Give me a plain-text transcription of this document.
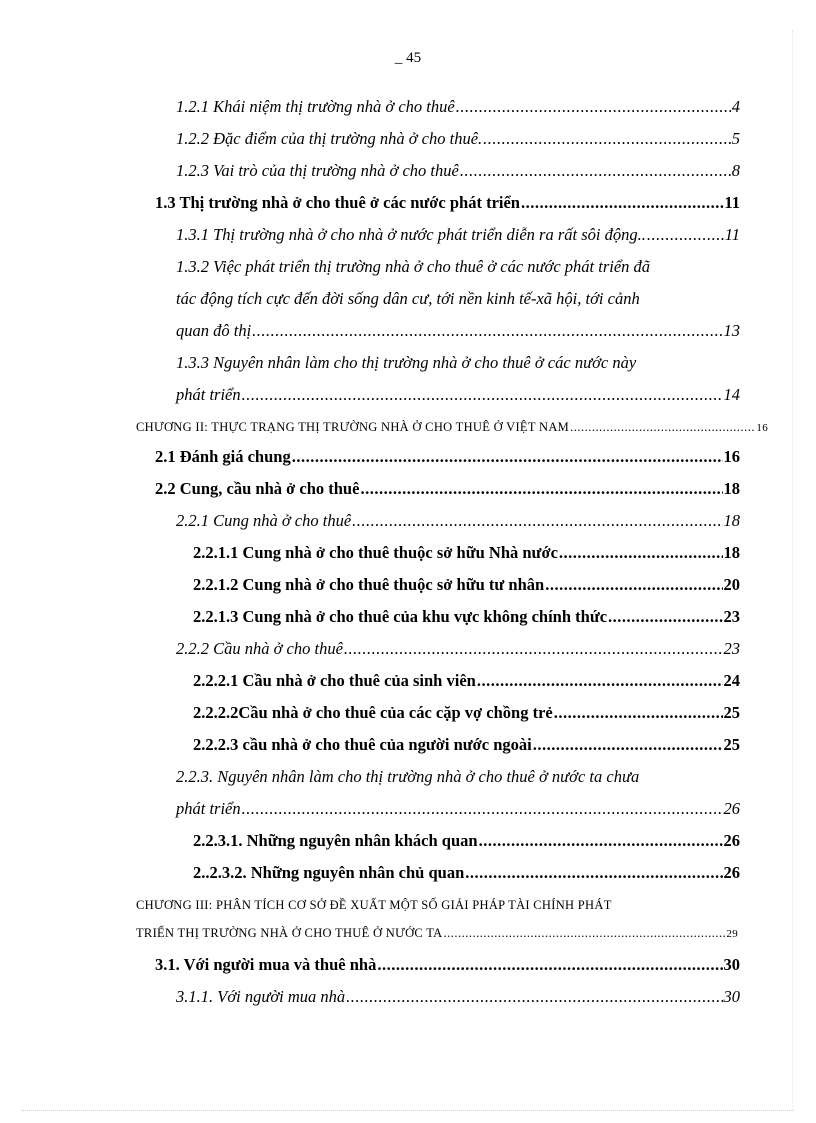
_ 45
1.2.1 Khái niệm thị trường nhà ở cho thuê .....	4
1.2.2 Đặc điểm của thị trường nhà ở cho thuê. .....	5
1.2.3 Vai trò của thị trường nhà ở cho thuê .....	8
1.3 Thị trường nhà ở cho thuê ở các nước phát triển .....	11
1.3.1 Thị trường nhà ở cho nhà ở nước phát triển diễn ra rất sôi động.. .....	11
1.3.2 Việc phát triển thị trường nhà ở cho thuê ở các nước phát triển đã
tác động tích cực đến đời sống dân cư, tới nền kinh tế-xã hội, tới cảnh
quan đô thị .....	13
1.3.3 Nguyên nhân làm cho thị trường nhà ở cho thuê ở các nước này
phát triển .....	14
CHƯƠNG II: THỰC TRẠNG THỊ TRƯỜNG NHÀ Ở CHO THUÊ Ở VIỆT NAM .....	16
2.1 Đánh giá chung .....	16
2.2 Cung, cầu nhà ở cho thuê .....	18
2.2.1 Cung nhà ở cho thuê .....	18
2.2.1.1 Cung nhà ở cho thuê thuộc sở hữu Nhà nước .....	18
2.2.1.2 Cung nhà ở cho thuê thuộc sở hữu tư nhân .....	20
2.2.1.3 Cung nhà ở cho thuê của khu vực không chính thức .....	23
2.2.2 Cầu nhà ở cho thuê .....	23
2.2.2.1 Cầu nhà ở cho thuê của sinh viên .....	24
2.2.2.2Cầu nhà ở cho thuê của các cặp vợ chồng trẻ .....	25
2.2.2.3 cầu nhà ở cho thuê của người nước ngoài .....	25
2.2.3. Nguyên nhân làm cho thị trường nhà ở cho thuê ở nước ta chưa
phát triển .....	26
2.2.3.1. Những nguyên nhân khách quan .....	26
2..2.3.2. Những nguyên nhân chủ quan .....	26
CHƯƠNG III: PHÂN TÍCH CƠ SỞ ĐỀ XUẤT MỘT SỐ GIẢI PHÁP TÀI CHÍNH PHÁT
TRIỂN THỊ TRƯỜNG NHÀ Ở CHO THUÊ Ở NƯỚC TA .....	29
3.1. Với người mua và thuê nhà .....	30
3.1.1. Với người mua nhà .....	30
